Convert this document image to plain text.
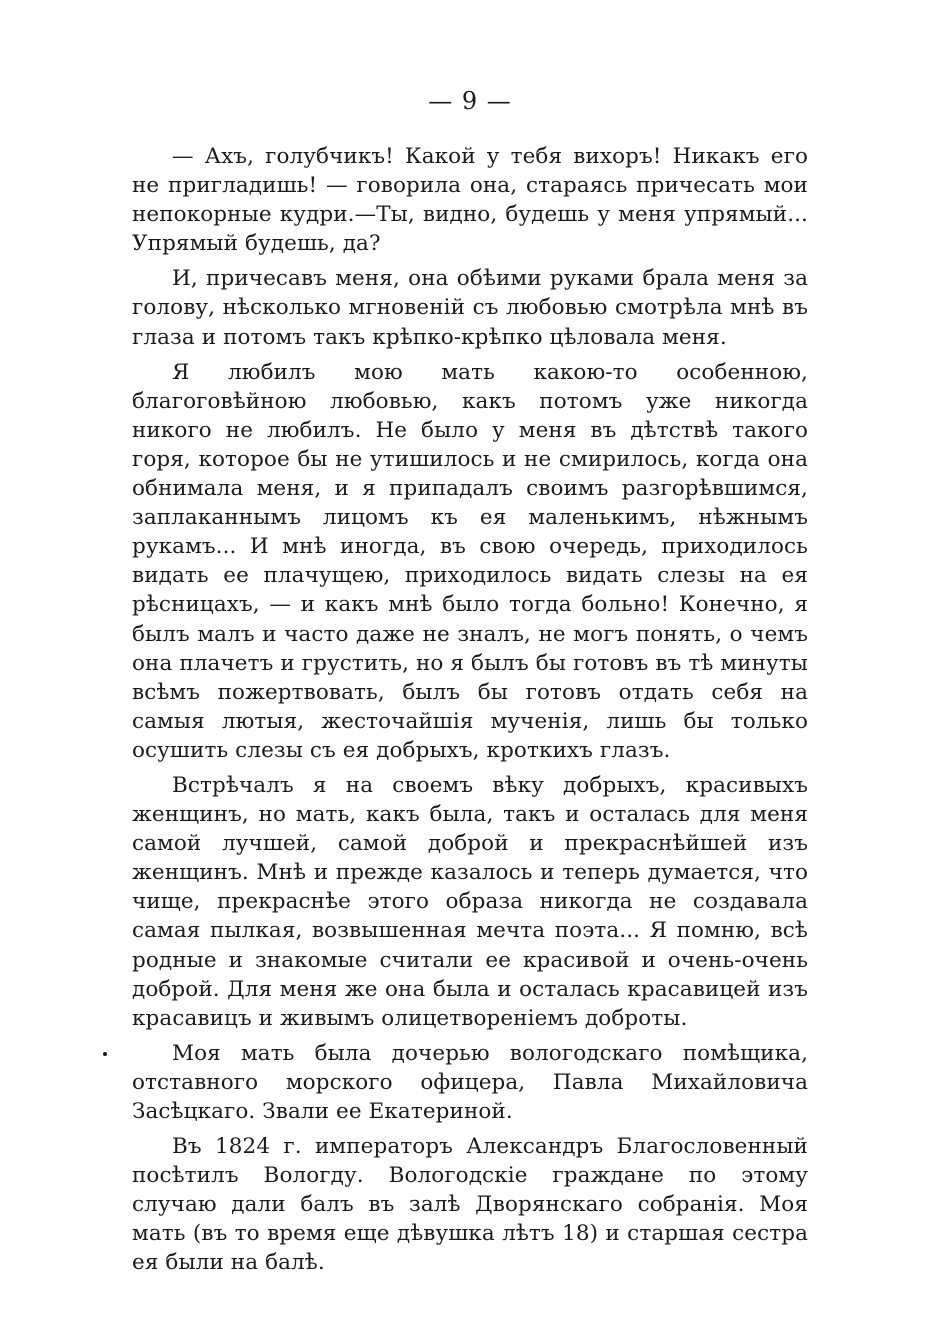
— 9 —

— Ахъ, голубчикъ! Какой у тебя вихоръ! Никакъ его не пригладишь! — говорила она, стараясь причесать мои непокорные кудри.—Ты, видно, будешь у меня упрямый... Упрямый будешь, да?

И, причесавъ меня, она обѣими руками брала меня за голову, нѣсколько мгновеній съ любовью смотрѣла мнѣ въ глаза и потомъ такъ крѣпко-крѣпко цѣловала меня.

Я любилъ мою мать какою-то особенною, благоговѣйною любовью, какъ потомъ уже никогда никого не любилъ. Не было у меня въ дѣтствѣ такого горя, которое бы не утишилось и не смирилось, когда она обнимала меня, и я припадалъ своимъ разгорѣвшимся, заплаканнымъ лицомъ къ ея маленькимъ, нѣжнымъ рукамъ... И мнѣ иногда, въ свою очередь, приходилось видать ее плачущею, приходилось видать слезы на ея рѣсницахъ, — и какъ мнѣ было тогда больно! Конечно, я былъ малъ и часто даже не зналъ, не могъ понять, о чемъ она плачетъ и грустить, но я былъ бы готовъ въ тѣ минуты всѣмъ пожертвовать, былъ бы готовъ отдать себя на самыя лютыя, жесточайшія мученія, лишь бы только осушить слезы съ ея добрыхъ, кроткихъ глазъ.

Встрѣчалъ я на своемъ вѣку добрыхъ, красивыхъ женщинъ, но мать, какъ была, такъ и осталась для меня самой лучшей, самой доброй и прекраснѣйшей изъ женщинъ. Мнѣ и прежде казалось и теперь думается, что чище, прекраснѣе этого образа никогда не создавала самая пылкая, возвышенная мечта поэта... Я помню, всѣ родные и знакомые считали ее красивой и очень-очень доброй. Для меня же она была и осталась красавицей изъ красавицъ и живымъ олицетвореніемъ доброты.

Моя мать была дочерью вологодскаго помѣщика, отставного морского офицера, Павла Михайловича Засѣцкаго. Звали ее Екатериной.

Въ 1824 г. императоръ Александръ Благословенный посѣтилъ Вологду. Вологодскіе граждане по этому случаю дали балъ въ залѣ Дворянскаго собранія. Моя мать (въ то время еще дѣвушка лѣтъ 18) и старшая сестра ея были на балѣ.
